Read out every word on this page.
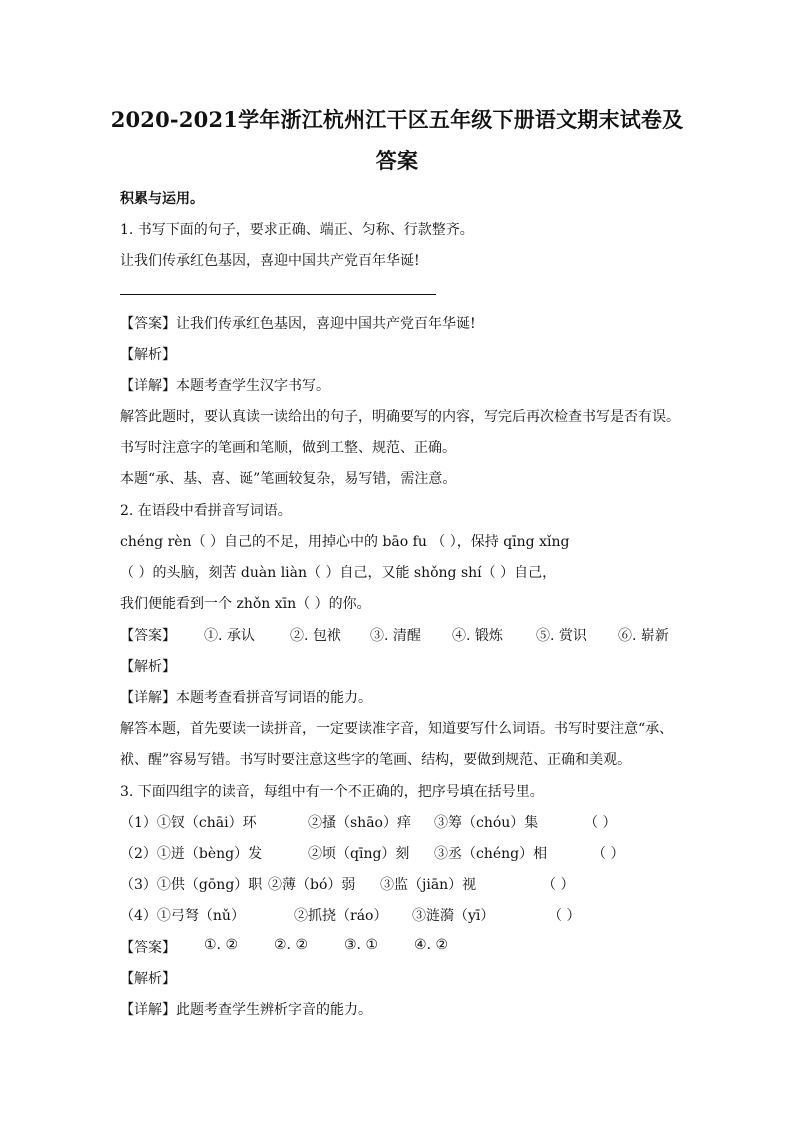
2020-2021学年浙江杭州江干区五年级下册语文期末试卷及
答案
积累与运用。
1. 书写下面的句子，要求正确、端正、匀称、行款整齐。
让我们传承红色基因，喜迎中国共产党百年华诞!
【答案】让我们传承红色基因，喜迎中国共产党百年华诞!
【解析】
【详解】本题考查学生汉字书写。
解答此题时，要认真读一读给出的句子，明确要写的内容，写完后再次检查书写是否有误。
书写时注意字的笔画和笔顺，做到工整、规范、正确。
本题“承、基、喜、诞”笔画较复杂，易写错，需注意。
2. 在语段中看拼音写词语。
chéng rèn（ ）自己的不足，用掉心中的 bāo fu （ ），保持 qīng xǐng
（ ）的头脑，刻苦 duàn liàn（ ）自己，又能 shǒng shí（ ）自己，
我们便能看到一个 zhǒn xīn（ ）的你。
【答案】 ①. 承认	②. 包袱 ③. 清醒 ④. 锻炼 ⑤. 赏识 ⑥. 崭新
【解析】
【详解】本题考查看拼音写词语的能力。
解答本题，首先要读一读拼音，一定要读准字音，知道要写什么词语。书写时要注意“承、
袱、醒”容易写错。书写时要注意这些字的笔画、结构，要做到规范、正确和美观。
3. 下面四组字的读音，每组中有一个不正确的，把序号填在括号里。
（1）①钗（chāi）环	②搔（shāo）痒 ③筹（chóu）集	（ ）
（2）①迸（bèng）发	②顷（qīng）刻 ③丞（chéng）相	（ ）
（3）①供（gōng）职 ②薄（bó）弱 ③监（jiān）视	（ ）
（4）①弓弩（nǔ）	②抓挠（ráo） ③涟漪（yī）	（ ）
【答案】 ①. ②	②. ②	③. ①	④. ②
【解析】
【详解】此题考查学生辨析字音的能力。
